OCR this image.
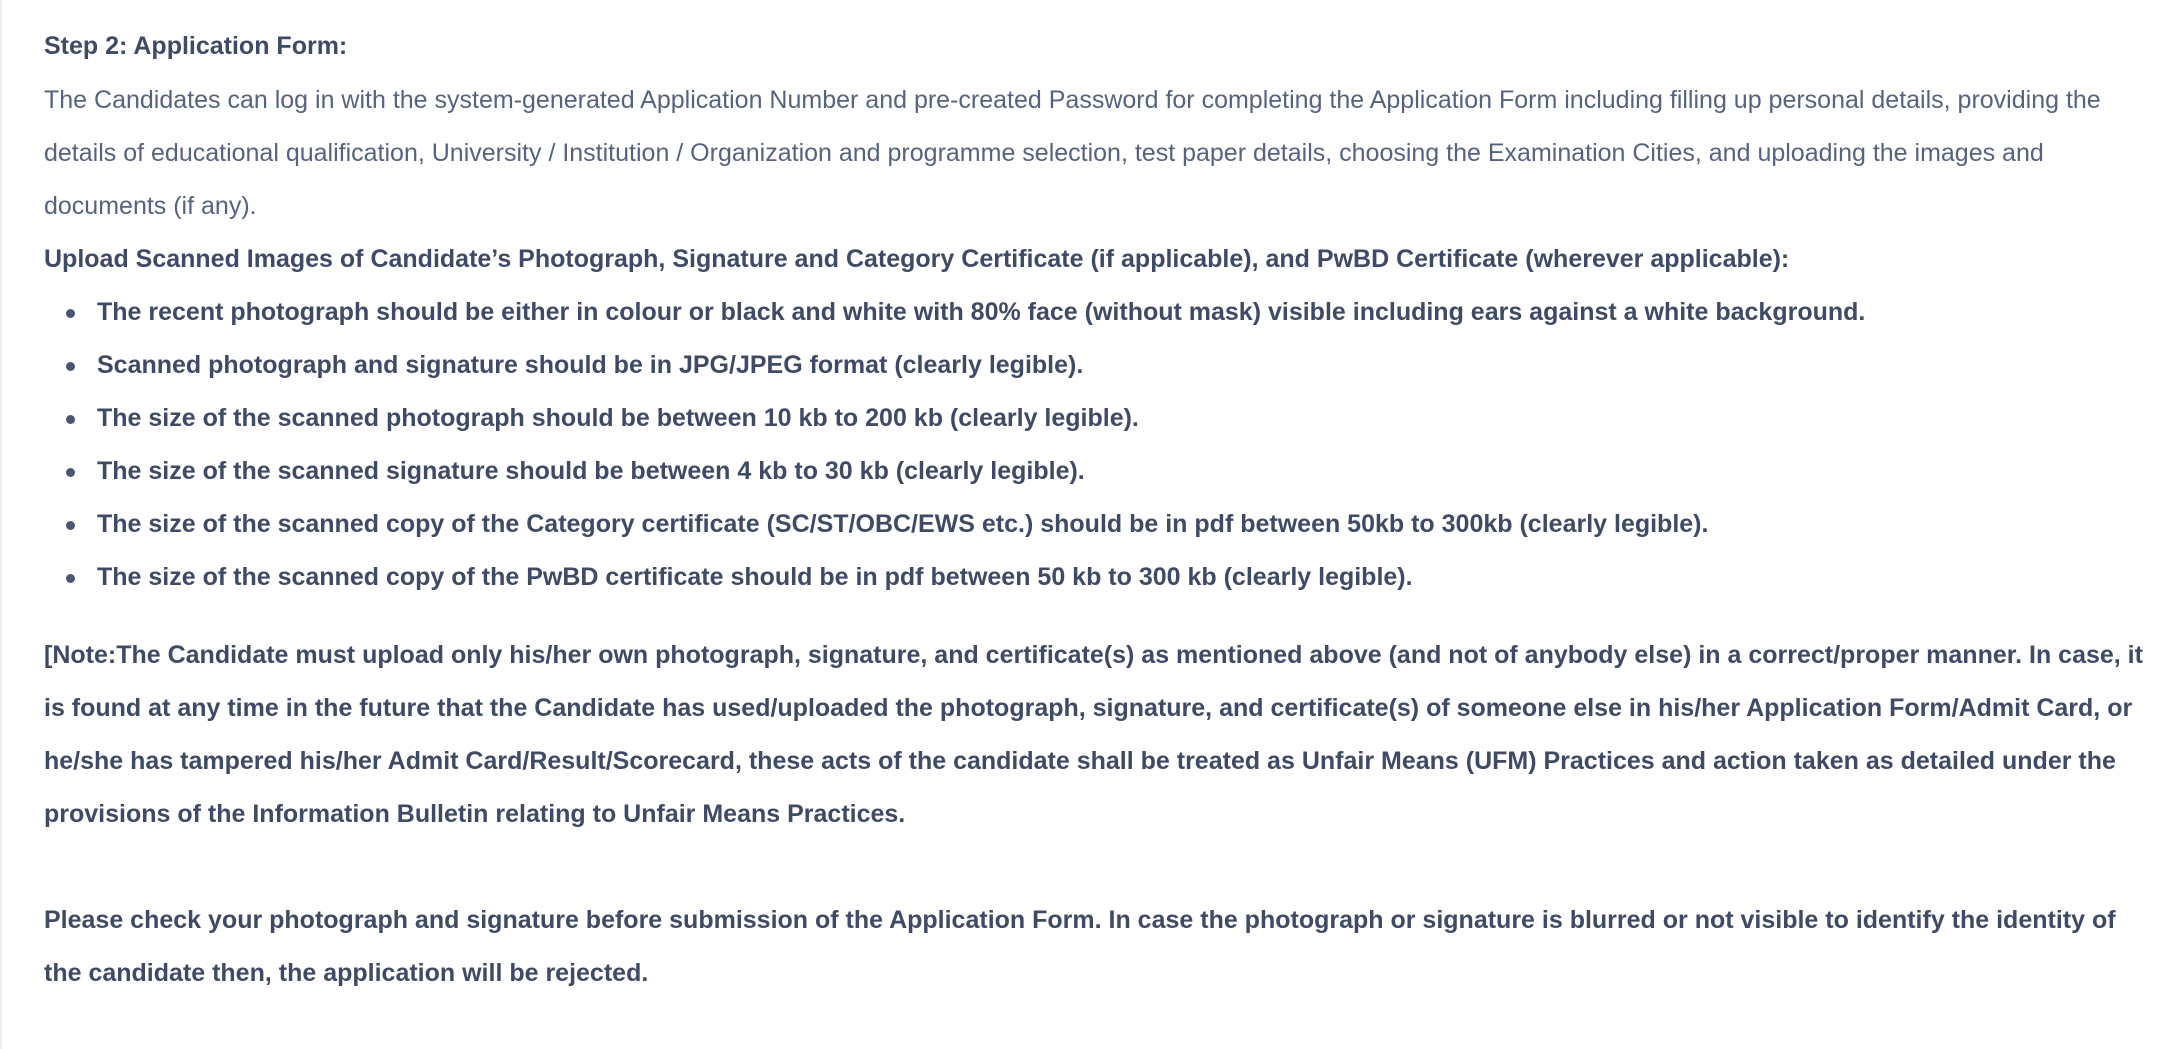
Step 2: Application Form:

The Candidates can log in with the system-generated Application Number and pre-created Password for completing the Application Form including filling up personal details, providing the details of educational qualification, University / Institution / Organization and programme selection, test paper details, choosing the Examination Cities, and uploading the images and documents (if any).

Upload Scanned Images of Candidate’s Photograph, Signature and Category Certificate (if applicable), and PwBD Certificate (wherever applicable):

The recent photograph should be either in colour or black and white with 80% face (without mask) visible including ears against a white background.
Scanned photograph and signature should be in JPG/JPEG format (clearly legible).
The size of the scanned photograph should be between 10 kb to 200 kb (clearly legible).
The size of the scanned signature should be between 4 kb to 30 kb (clearly legible).
The size of the scanned copy of the Category certificate (SC/ST/OBC/EWS etc.) should be in pdf between 50kb to 300kb (clearly legible).
The size of the scanned copy of the PwBD certificate should be in pdf between 50 kb to 300 kb (clearly legible).

[Note:The Candidate must upload only his/her own photograph, signature, and certificate(s) as mentioned above (and not of anybody else) in a correct/proper manner. In case, it is found at any time in the future that the Candidate has used/uploaded the photograph, signature, and certificate(s) of someone else in his/her Application Form/Admit Card, or he/she has tampered his/her Admit Card/Result/Scorecard, these acts of the candidate shall be treated as Unfair Means (UFM) Practices and action taken as detailed under the provisions of the Information Bulletin relating to Unfair Means Practices.

Please check your photograph and signature before submission of the Application Form. In case the photograph or signature is blurred or not visible to identify the identity of the candidate then, the application will be rejected.
